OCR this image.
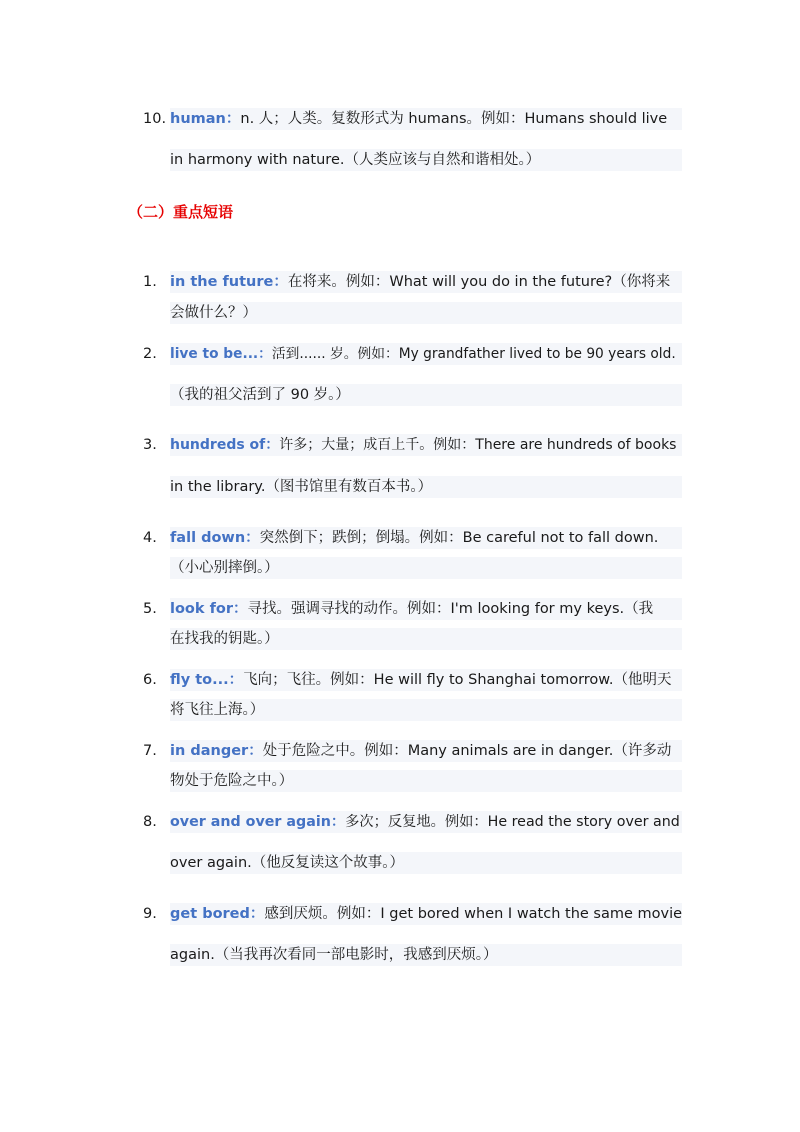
10. human：n. 人；人类。复数形式为 humans。例如：Humans should live
in harmony with nature.（人类应该与自然和谐相处。）
（二）重点短语
1. in the future：在将来。例如：What will you do in the future?（你将来
会做什么？）
2. live to be...：活到...... 岁。例如：My grandfather lived to be 90 years old.
（我的祖父活到了 90 岁。）
3. hundreds of：许多；大量；成百上千。例如：There are hundreds of books
in the library.（图书馆里有数百本书。）
4. fall down：突然倒下；跌倒；倒塌。例如：Be careful not to fall down.
（小心别摔倒。）
5. look for：寻找。强调寻找的动作。例如：I'm looking for my keys.（我
在找我的钥匙。）
6. fly to...：飞向；飞往。例如：He will fly to Shanghai tomorrow.（他明天
将飞往上海。）
7. in danger：处于危险之中。例如：Many animals are in danger.（许多动
物处于危险之中。）
8. over and over again：多次；反复地。例如：He read the story over and
over again.（他反复读这个故事。）
9. get bored：感到厌烦。例如：I get bored when I watch the same movie
again.（当我再次看同一部电影时，我感到厌烦。）
